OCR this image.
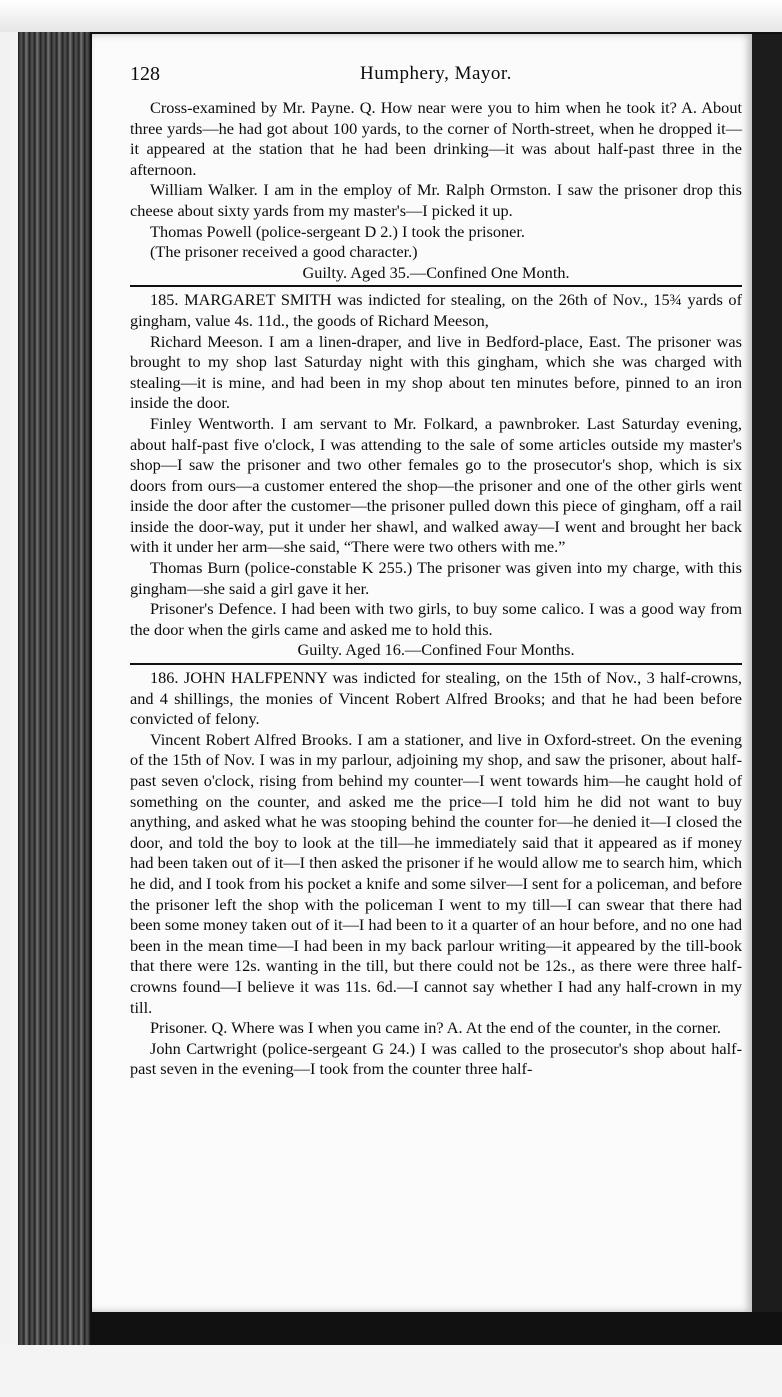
128	Humphery, Mayor.

Cross-examined by Mr. Payne. Q. How near were you to him when he took it? A. About three yards—he had got about 100 yards, to the corner of North-street, when he dropped it—it appeared at the station that he had been drinking—it was about half-past three in the afternoon.

William Walker. I am in the employ of Mr. Ralph Ormston. I saw the prisoner drop this cheese about sixty yards from my master's—I picked it up.

Thomas Powell (police-sergeant D 2.) I took the prisoner.

(The prisoner received a good character.)

Guilty. Aged 35.—Confined One Month.

185. MARGARET SMITH was indicted for stealing, on the 26th of Nov., 15¾ yards of gingham, value 4s. 11d., the goods of Richard Meeson,

Richard Meeson. I am a linen-draper, and live in Bedford-place, East. The prisoner was brought to my shop last Saturday night with this gingham, which she was charged with stealing—it is mine, and had been in my shop about ten minutes before, pinned to an iron inside the door.

Finley Wentworth. I am servant to Mr. Folkard, a pawnbroker. Last Saturday evening, about half-past five o'clock, I was attending to the sale of some articles outside my master's shop—I saw the prisoner and two other females go to the prosecutor's shop, which is six doors from ours—a customer entered the shop—the prisoner and one of the other girls went inside the door after the customer—the prisoner pulled down this piece of gingham, off a rail inside the door-way, put it under her shawl, and walked away—I went and brought her back with it under her arm—she said, “There were two others with me.”

Thomas Burn (police-constable K 255.) The prisoner was given into my charge, with this gingham—she said a girl gave it her.

Prisoner's Defence. I had been with two girls, to buy some calico. I was a good way from the door when the girls came and asked me to hold this.

Guilty. Aged 16.—Confined Four Months.

186. JOHN HALFPENNY was indicted for stealing, on the 15th of Nov., 3 half-crowns, and 4 shillings, the monies of Vincent Robert Alfred Brooks; and that he had been before convicted of felony.

Vincent Robert Alfred Brooks. I am a stationer, and live in Oxford-street. On the evening of the 15th of Nov. I was in my parlour, adjoining my shop, and saw the prisoner, about half-past seven o'clock, rising from behind my counter—I went towards him—he caught hold of something on the counter, and asked me the price—I told him he did not want to buy anything, and asked what he was stooping behind the counter for—he denied it—I closed the door, and told the boy to look at the till—he immediately said that it appeared as if money had been taken out of it—I then asked the prisoner if he would allow me to search him, which he did, and I took from his pocket a knife and some silver—I sent for a policeman, and before the prisoner left the shop with the policeman I went to my till—I can swear that there had been some money taken out of it—I had been to it a quarter of an hour before, and no one had been in the mean time—I had been in my back parlour writing—it appeared by the till-book that there were 12s. wanting in the till, but there could not be 12s., as there were three half-crowns found—I believe it was 11s. 6d.—I cannot say whether I had any half-crown in my till.

Prisoner. Q. Where was I when you came in? A. At the end of the counter, in the corner.

John Cartwright (police-sergeant G 24.) I was called to the prosecutor's shop about half-past seven in the evening—I took from the counter three half-
